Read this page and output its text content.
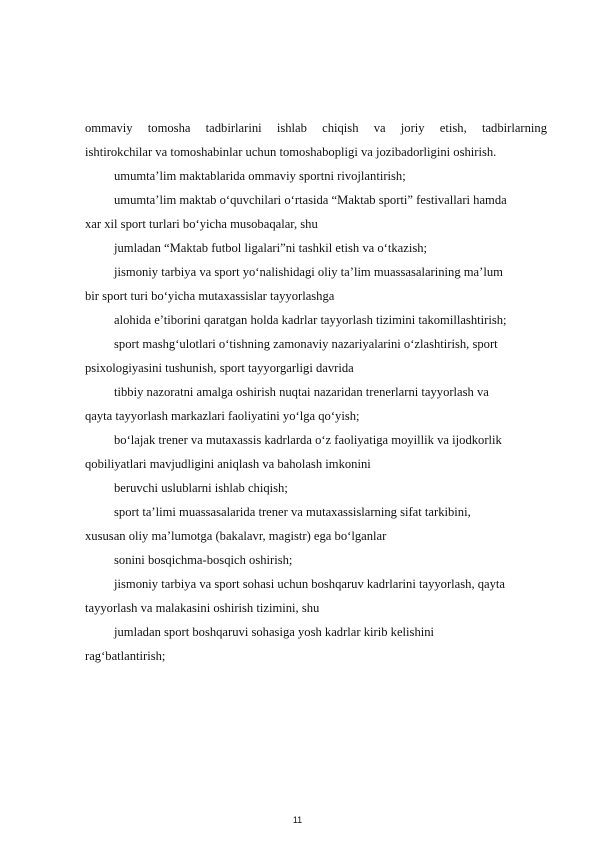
ommaviy tomosha tadbirlarini ishlab chiqish va joriy etish, tadbirlarning
ishtirokchilar va tomoshabinlar uchun tomoshabopligi va jozibadorligini oshirish.
umumta’lim maktablarida ommaviy sportni rivojlantirish;
umumta’lim maktab o‘quvchilari o‘rtasida “Maktab sporti” festivallari hamda
xar xil sport turlari bo‘yicha musobaqalar, shu
jumladan “Maktab futbol ligalari”ni tashkil etish va o‘tkazish;
jismoniy tarbiya va sport yo‘nalishidagi oliy ta’lim muassasalarining ma’lum
bir sport turi bo‘yicha mutaxassislar tayyorlashga
alohida e’tiborini qaratgan holda kadrlar tayyorlash tizimini takomillashtirish;
sport mashg‘ulotlari o‘tishning zamonaviy nazariyalarini o‘zlashtirish, sport
psixologiyasini tushunish, sport tayyorgarligi davrida
tibbiy nazoratni amalga oshirish nuqtai nazaridan trenerlarni tayyorlash va
qayta tayyorlash markazlari faoliyatini yo‘lga qo‘yish;
bo‘lajak trener va mutaxassis kadrlarda o‘z faoliyatiga moyillik va ijodkorlik
qobiliyatlari mavjudligini aniqlash va baholash imkonini
beruvchi uslublarni ishlab chiqish;
sport ta’limi muassasalarida trener va mutaxassislarning sifat tarkibini,
xususan oliy ma’lumotga (bakalavr, magistr) ega bo‘lganlar
sonini bosqichma-bosqich oshirish;
jismoniy tarbiya va sport sohasi uchun boshqaruv kadrlarini tayyorlash, qayta
tayyorlash va malakasini oshirish tizimini, shu
jumladan sport boshqaruvi sohasiga yosh kadrlar kirib kelishini
rag‘batlantirish;
11
